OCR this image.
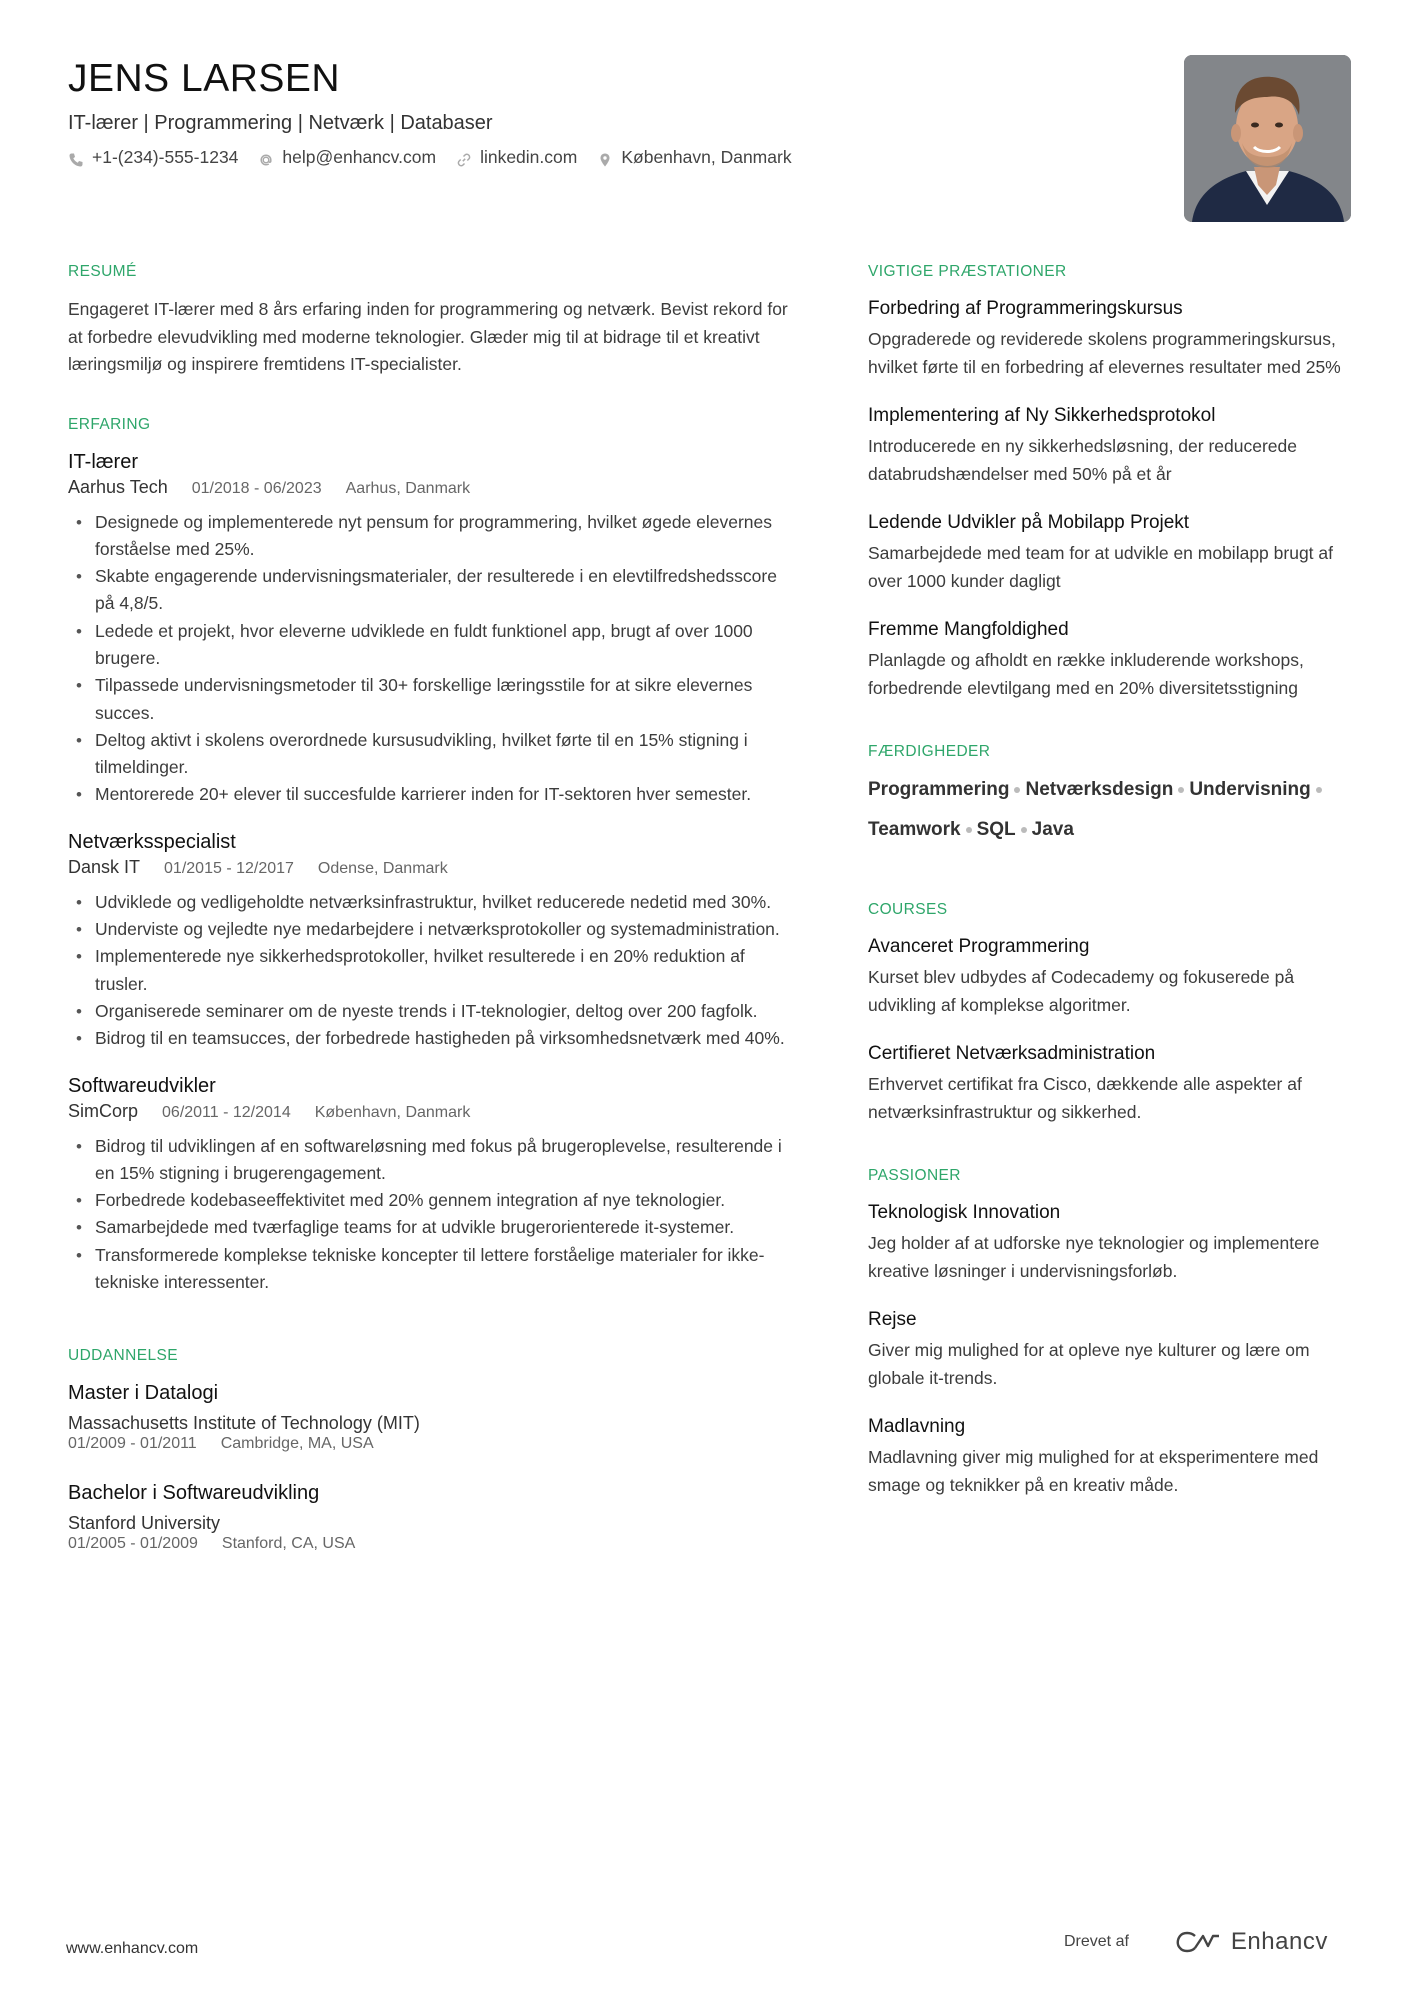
JENS LARSEN
IT-lærer | Programmering | Netværk | Databaser
+1-(234)-555-1234	help@enhancv.com	linkedin.com	København, Danmark
RESUMÉ
Engageret IT-lærer med 8 års erfaring inden for programmering og netværk. Bevist rekord for at forbedre elevudvikling med moderne teknologier. Glæder mig til at bidrage til et kreativt læringsmiljø og inspirere fremtidens IT-specialister.
ERFARING
IT-lærer
Aarhus Tech 01/2018 - 06/2023 Aarhus, Danmark
• Designede og implementerede nyt pensum for programmering, hvilket øgede elevernes forståelse med 25%.
• Skabte engagerende undervisningsmaterialer, der resulterede i en elevtilfredshedsscore på 4,8/5.
• Ledede et projekt, hvor eleverne udviklede en fuldt funktionel app, brugt af over 1000 brugere.
• Tilpassede undervisningsmetoder til 30+ forskellige læringsstile for at sikre elevernes succes.
• Deltog aktivt i skolens overordnede kursusudvikling, hvilket førte til en 15% stigning i tilmeldinger.
• Mentorerede 20+ elever til succesfulde karrierer inden for IT-sektoren hver semester.
Netværksspecialist
Dansk IT 01/2015 - 12/2017 Odense, Danmark
• Udviklede og vedligeholdte netværksinfrastruktur, hvilket reducerede nedetid med 30%.
• Underviste og vejledte nye medarbejdere i netværksprotokoller og systemadministration.
• Implementerede nye sikkerhedsprotokoller, hvilket resulterede i en 20% reduktion af trusler.
• Organiserede seminarer om de nyeste trends i IT-teknologier, deltog over 200 fagfolk.
• Bidrog til en teamsucces, der forbedrede hastigheden på virksomhedsnetværk med 40%.
Softwareudvikler
SimCorp 06/2011 - 12/2014 København, Danmark
• Bidrog til udviklingen af en softwareløsning med fokus på brugeroplevelse, resulterende i en 15% stigning i brugerengagement.
• Forbedrede kodebaseeffektivitet med 20% gennem integration af nye teknologier.
• Samarbejdede med tværfaglige teams for at udvikle brugerorienterede it-systemer.
• Transformerede komplekse tekniske koncepter til lettere forståelige materialer for ikke-tekniske interessenter.
UDDANNELSE
Master i Datalogi
Massachusetts Institute of Technology (MIT)
01/2009 - 01/2011 Cambridge, MA, USA
Bachelor i Softwareudvikling
Stanford University
01/2005 - 01/2009 Stanford, CA, USA
VIGTIGE PRÆSTATIONER
Forbedring af Programmeringskursus
Opgraderede og reviderede skolens programmeringskursus, hvilket førte til en forbedring af elevernes resultater med 25%
Implementering af Ny Sikkerhedsprotokol
Introducerede en ny sikkerhedsløsning, der reducerede databrudshændelser med 50% på et år
Ledende Udvikler på Mobilapp Projekt
Samarbejdede med team for at udvikle en mobilapp brugt af over 1000 kunder dagligt
Fremme Mangfoldighed
Planlagde og afholdt en række inkluderende workshops, forbedrende elevtilgang med en 20% diversitetsstigning
FÆRDIGHEDER
Programmering Netværksdesign Undervisning
Teamwork SQL Java
COURSES
Avanceret Programmering
Kurset blev udbydes af Codecademy og fokuserede på udvikling af komplekse algoritmer.
Certifieret Netværksadministration
Erhvervet certifikat fra Cisco, dækkende alle aspekter af netværksinfrastruktur og sikkerhed.
PASSIONER
Teknologisk Innovation
Jeg holder af at udforske nye teknologier og implementere kreative løsninger i undervisningsforløb.
Rejse
Giver mig mulighed for at opleve nye kulturer og lære om globale it-trends.
Madlavning
Madlavning giver mig mulighed for at eksperimentere med smage og teknikker på en kreativ måde.
www.enhancv.com	Drevet af	Enhancv
